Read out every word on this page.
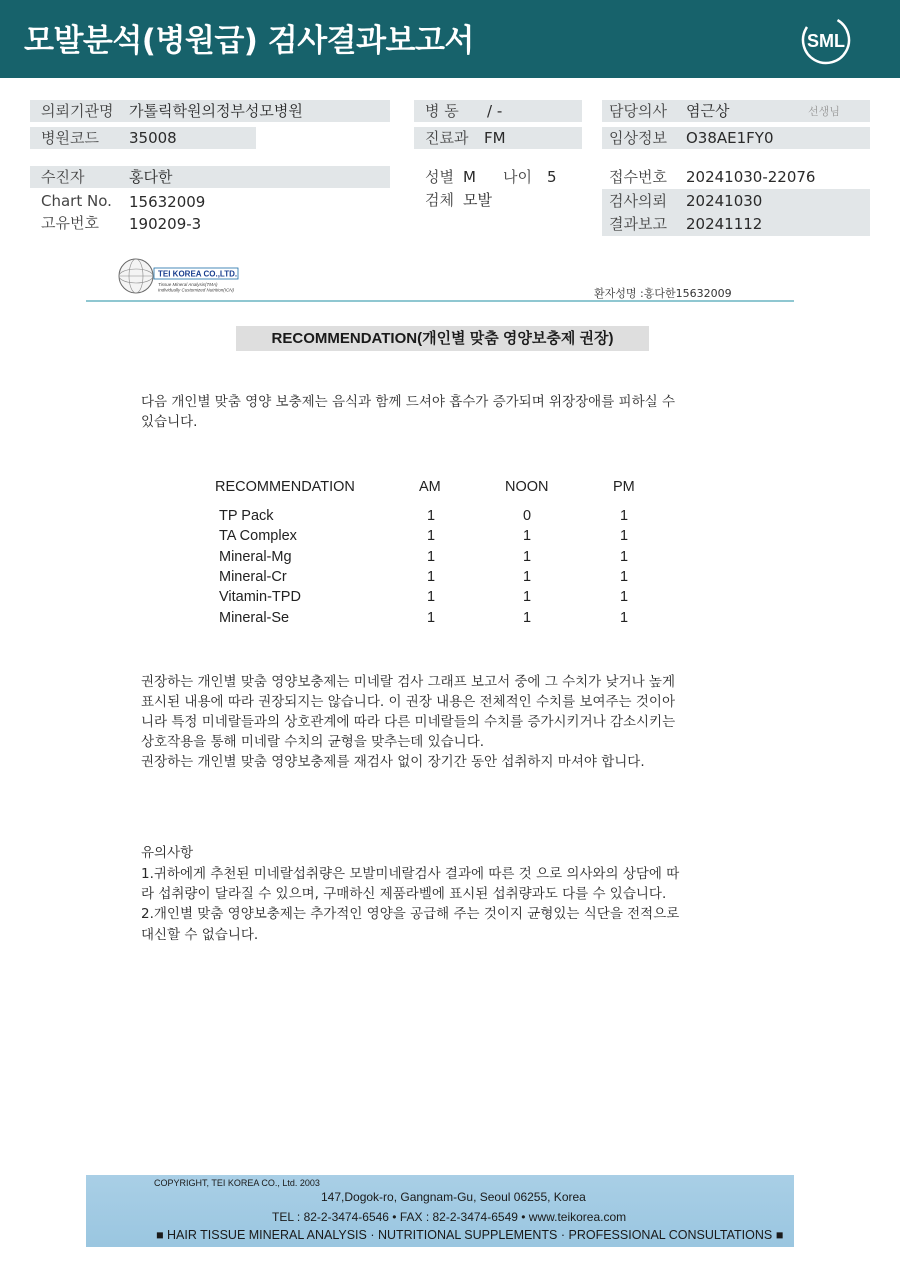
모발분석(병원급) 검사결과보고서	SML
의뢰기관명 가톨릭학원의정부성모병원
병원코드 35008
병 동 / -
진료과 FM
담당의사 염근상	선생님
임상정보 O38AE1FY0
수진자	홍다한
Chart No. 15632009
고유번호 190209-3
성별 M 나이 5
검체 모발
접수번호 20241030-22076
검사의뢰 20241030
결과보고 20241112
TEI KOREA CO.,LTD.
Tissue Mineral Analysis(TMA)
Individually Customized Nutrition(ICN)	환자성명 :홍다한15632009
RECOMMENDATION(개인별 맞춤 영양보충제 권장)
다음 개인별 맞춤 영양 보충제는 음식과 함께 드셔야 흡수가 증가되며 위장장애를 피하실 수
있습니다.
RECOMMENDATION	AM	NOON	PM
TP Pack	1	0	1
TA Complex	1	1	1
Mineral-Mg	1	1	1
Mineral-Cr	1	1	1
Vitamin-TPD	1	1	1
Mineral-Se	1	1	1
권장하는 개인별 맞춤 영양보충제는 미네랄 검사 그래프 보고서 중에 그 수치가 낮거나 높게
표시된 내용에 따라 권장되지는 않습니다. 이 권장 내용은 전체적인 수치를 보여주는 것이아
니라 특정 미네랄들과의 상호관계에 따라 다른 미네랄들의 수치를 증가시키거나 감소시키는
상호작용을 통해 미네랄 수치의 균형을 맞추는데 있습니다.
권장하는 개인별 맞춤 영양보충제를 재검사 없이 장기간 동안 섭취하지 마셔야 합니다.
유의사항
1.귀하에게 추천된 미네랄섭취량은 모발미네랄검사 결과에 따른 것 으로 의사와의 상담에 따
라 섭취량이 달라질 수 있으며, 구매하신 제품라벨에 표시된 섭취량과도 다를 수 있습니다.
2.개인별 맞춤 영양보충제는 추가적인 영양을 공급해 주는 것이지 균형있는 식단을 전적으로
대신할 수 없습니다.
COPYRIGHT, TEI KOREA CO., Ltd. 2003
147,Dogok-ro, Gangnam-Gu, Seoul 06255, Korea
TEL : 82-2-3474-6546 • FAX : 82-2-3474-6549 • www.teikorea.com
■ HAIR TISSUE MINERAL ANALYSIS · NUTRITIONAL SUPPLEMENTS · PROFESSIONAL CONSULTATIONS ■
